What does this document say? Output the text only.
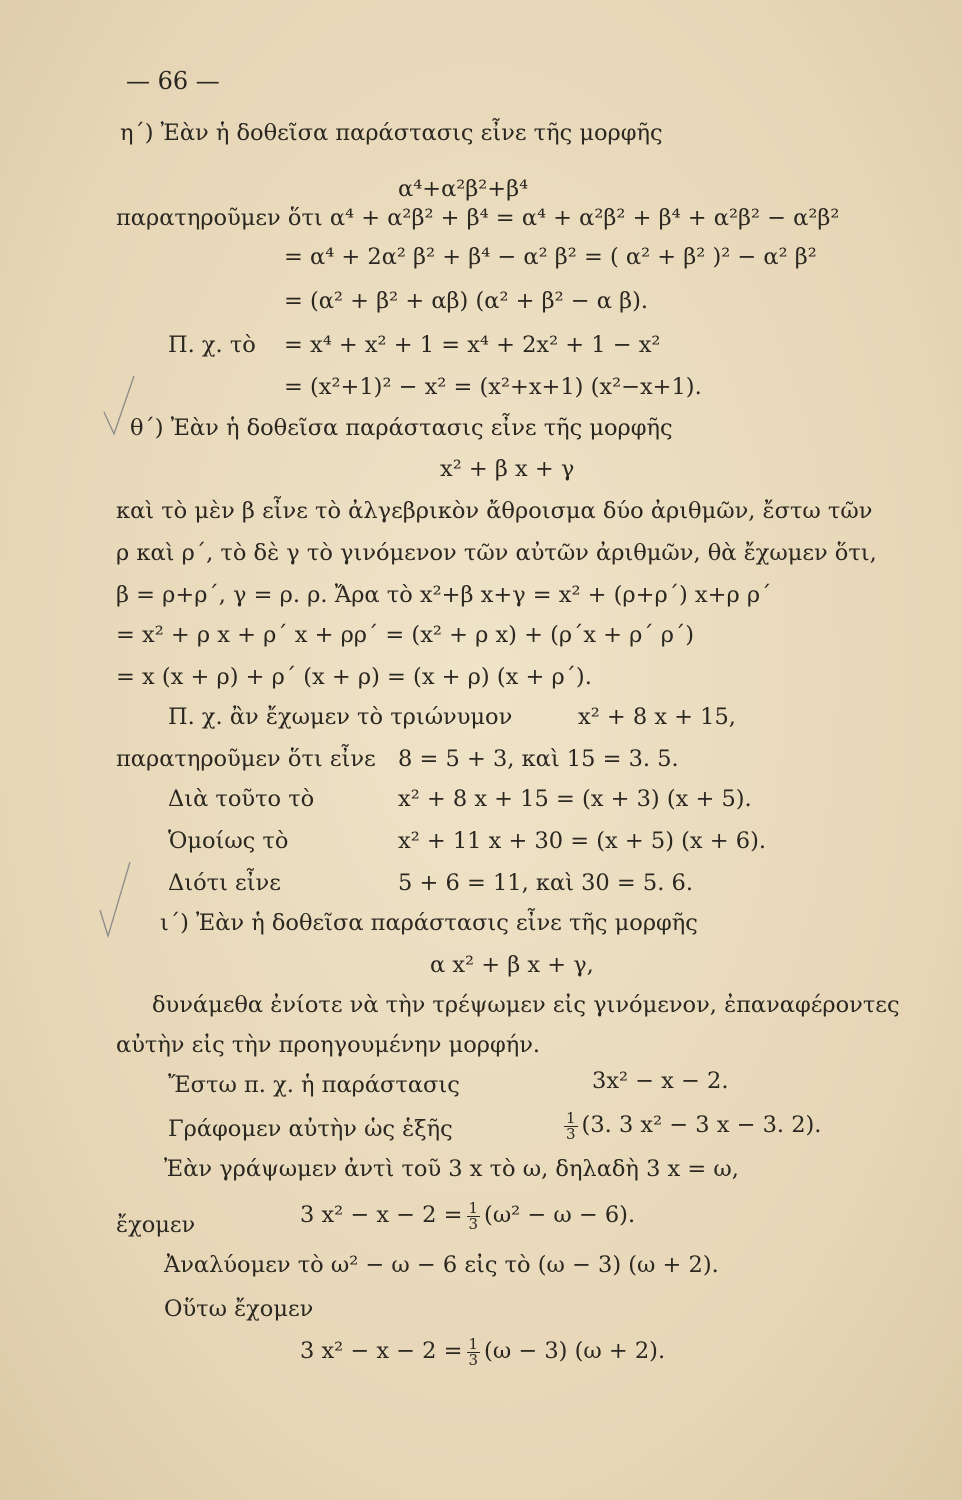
— 66 —
η΄) Ἐὰν ἡ δοθεῖσα παράστασις εἶνε τῆς μορφῆς
α⁴+α²β²+β⁴
παρατηροῦμεν ὅτι α⁴ + α²β² + β⁴ = α⁴ + α²β² + β⁴ + α²β² − α²β²
= α⁴ + 2α² β² + β⁴ − α² β² = ( α² + β² )² − α² β²
= (α² + β² + αβ) (α² + β² − α β).
Π. χ. τὸ = x⁴ + x² + 1 = x⁴ + 2x² + 1 − x²
= (x²+1)² − x² = (x²+x+1) (x²−x+1).
θ΄) Ἐὰν ἡ δοθεῖσα παράστασις εἶνε τῆς μορφῆς
x² + β x + γ
καὶ τὸ μὲν β εἶνε τὸ ἀλγεβρικὸν ἄθροισμα δύο ἀριθμῶν, ἔστω τῶν
ρ καὶ ρ΄, τὸ δὲ γ τὸ γινόμενον τῶν αὐτῶν ἀριθμῶν, θὰ ἔχωμεν ὅτι,
β = ρ+ρ΄, γ = ρ. ρ. Ἄρα τὸ x²+β x+γ = x² + (ρ+ρ΄) x+ρ ρ΄
= x² + ρ x + ρ΄ x + ρρ΄ = (x² + ρ x) + (ρ΄x + ρ΄ ρ΄)
= x (x + ρ) + ρ΄ (x + ρ) = (x + ρ) (x + ρ΄).
Π. χ. ἂν ἔχωμεν τὸ τριώνυμον	x² + 8 x + 15,
παρατηροῦμεν ὅτι εἶνε 8 = 5 + 3, καὶ 15 = 3. 5.
Διὰ τοῦτο τὸ	x² + 8 x + 15 = (x + 3) (x + 5).
Ὁμοίως τὸ	x² + 11 x + 30 = (x + 5) (x + 6).
Διότι εἶνε	5 + 6 = 11, καὶ 30 = 5. 6.
ι΄) Ἐὰν ἡ δοθεῖσα παράστασις εἶνε τῆς μορφῆς
α x² + β x + γ,
δυνάμεθα ἐνίοτε νὰ τὴν τρέψωμεν εἰς γινόμενον, ἐπαναφέροντες
αὐτὴν εἰς τὴν προηγουμένην μορφήν.
Ἔστω π. χ. ἡ παράστασις	3x² − x − 2.
Γράφομεν αὐτὴν ὡς ἑξῆς	$\frac{1}{3} (3$. 3 x² − 3 x − 3. 2).
Ἐὰν γράψωμεν ἀντὶ τοῦ 3 x τὸ ω, δηλαδὴ 3 x = ω,
ἔχομεν	3 $x^2 - x - 2 = \frac{1}{3} (\omega^2 - \omega - 6)$.
Ἀναλύομεν τὸ ω² − ω − 6 εἰς τὸ (ω − 3) (ω + 2).
Οὕτω ἔχομεν
3 $x^2 - x - 2 = \frac{1}{3} (\omega - 3) (\omega + 2)$.
